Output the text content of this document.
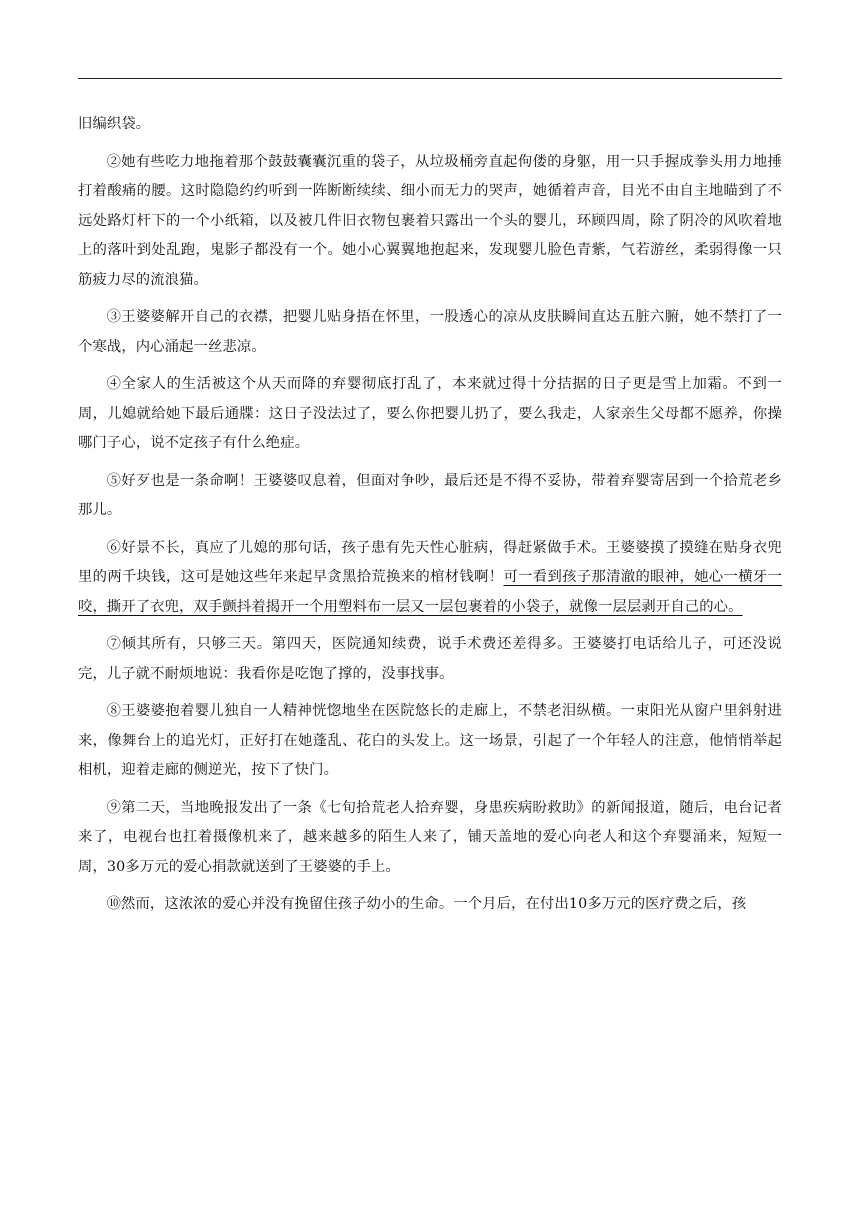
旧编织袋。

②她有些吃力地拖着那个鼓鼓囊囊沉重的袋子，从垃圾桶旁直起佝偻的身躯，用一只手握成拳头用力地捶打着酸痛的腰。这时隐隐约约听到一阵断断续续、细小而无力的哭声，她循着声音，目光不由自主地瞄到了不远处路灯杆下的一个小纸箱，以及被几件旧衣物包裹着只露出一个头的婴儿，环顾四周，除了阴冷的风吹着地上的落叶到处乱跑，鬼影子都没有一个。她小心翼翼地抱起来，发现婴儿脸色青紫，气若游丝，柔弱得像一只筋疲力尽的流浪猫。

③王婆婆解开自己的衣襟，把婴儿贴身捂在怀里，一股透心的凉从皮肤瞬间直达五脏六腑，她不禁打了一个寒战，内心涌起一丝悲凉。

④全家人的生活被这个从天而降的弃婴彻底打乱了，本来就过得十分拮据的日子更是雪上加霜。不到一周，儿媳就给她下最后通牒：这日子没法过了，要么你把婴儿扔了，要么我走，人家亲生父母都不愿养，你操哪门子心，说不定孩子有什么绝症。

⑤好歹也是一条命啊！王婆婆叹息着，但面对争吵，最后还是不得不妥协，带着弃婴寄居到一个拾荒老乡那儿。

⑥好景不长，真应了儿媳的那句话，孩子患有先天性心脏病，得赶紧做手术。王婆婆摸了摸缝在贴身衣兜里的两千块钱，这可是她这些年来起早贪黑拾荒换来的棺材钱啊！可一看到孩子那清澈的眼神，她心一横牙一咬，撕开了衣兜，双手颤抖着揭开一个用塑料布一层又一层包裹着的小袋子，就像一层层剥开自己的心。

⑦倾其所有，只够三天。第四天，医院通知续费，说手术费还差得多。王婆婆打电话给儿子，可还没说完，儿子就不耐烦地说：我看你是吃饱了撑的，没事找事。

⑧王婆婆抱着婴儿独自一人精神恍惚地坐在医院悠长的走廊上，不禁老泪纵横。一束阳光从窗户里斜射进来，像舞台上的追光灯，正好打在她蓬乱、花白的头发上。这一场景，引起了一个年轻人的注意，他悄悄举起相机，迎着走廊的侧逆光，按下了快门。

⑨第二天，当地晚报发出了一条《七旬拾荒老人拾弃婴，身患疾病盼救助》的新闻报道，随后，电台记者来了，电视台也扛着摄像机来了，越来越多的陌生人来了，铺天盖地的爱心向老人和这个弃婴涌来，短短一周，30多万元的爱心捐款就送到了王婆婆的手上。

⑩然而，这浓浓的爱心并没有挽留住孩子幼小的生命。一个月后，在付出10多万元的医疗费之后，孩
